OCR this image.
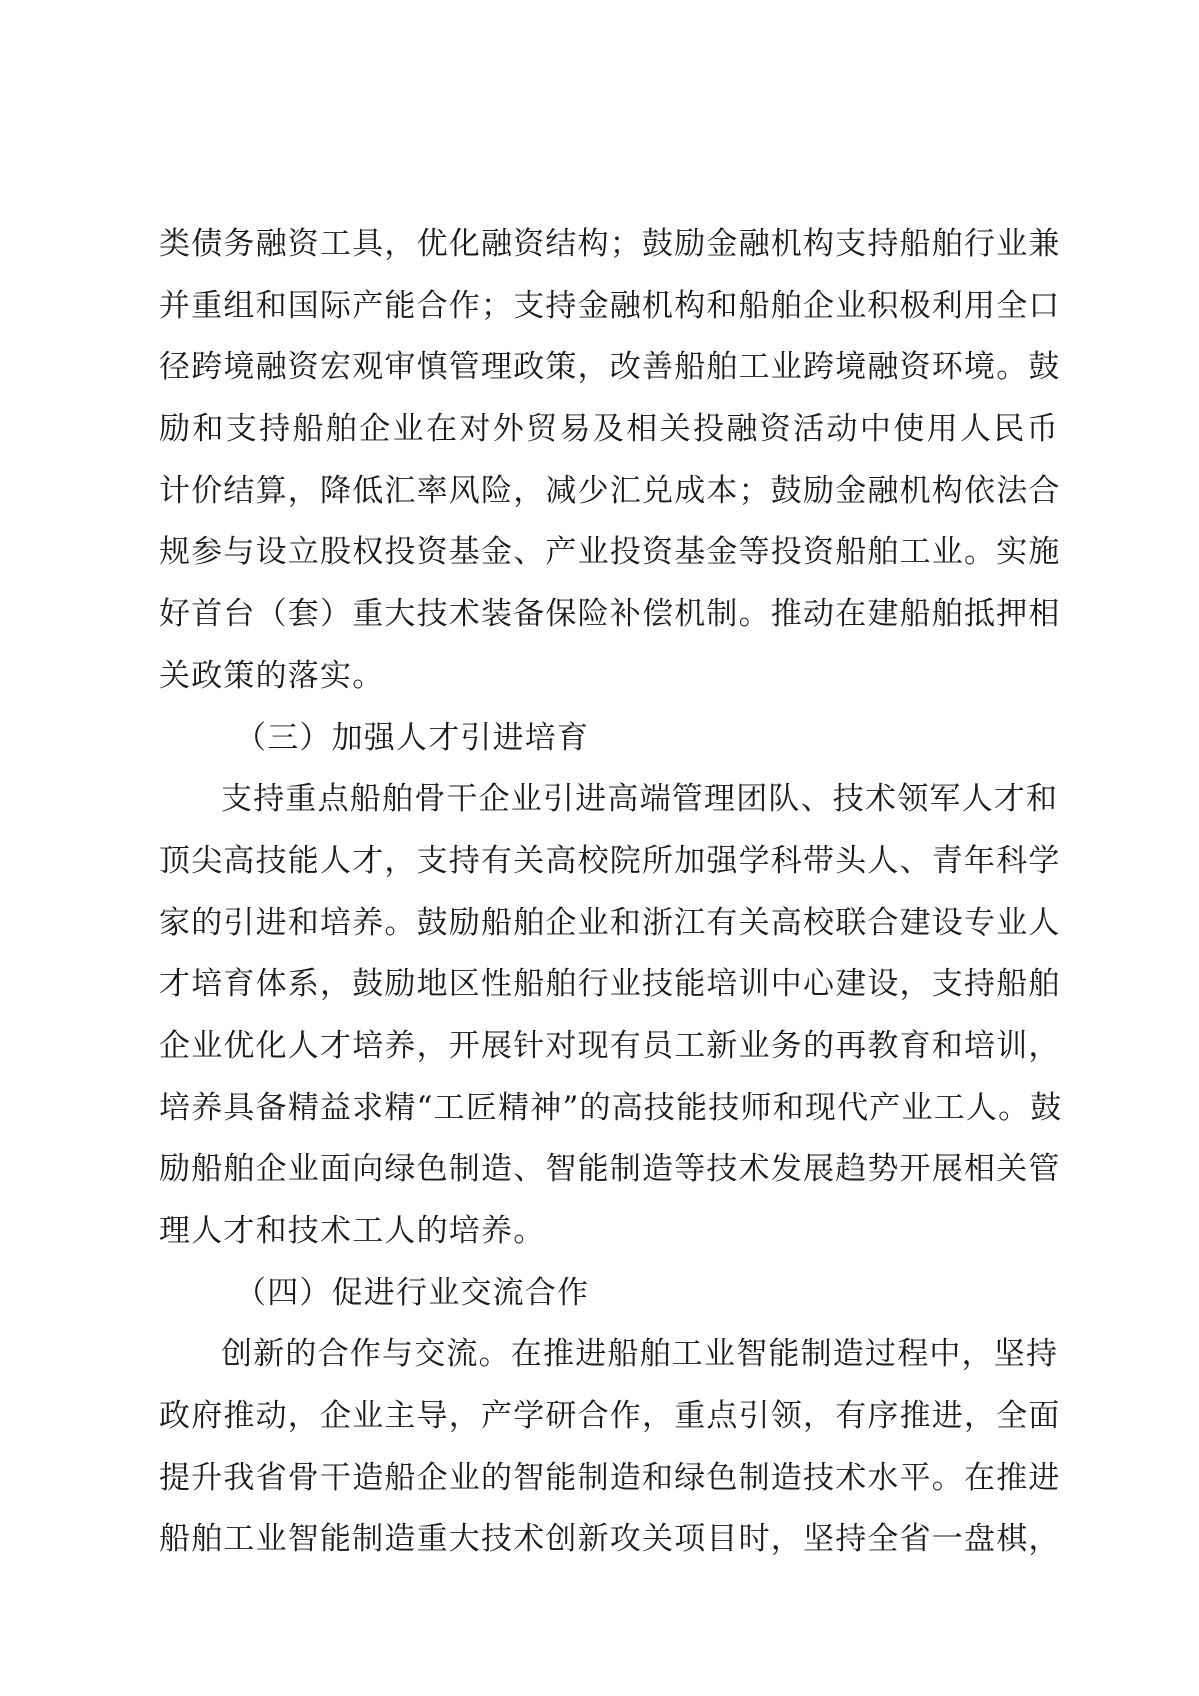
类债务融资工具，优化融资结构；鼓励金融机构支持船舶行业兼
并重组和国际产能合作；支持金融机构和船舶企业积极利用全口
径跨境融资宏观审慎管理政策，改善船舶工业跨境融资环境。鼓
励和支持船舶企业在对外贸易及相关投融资活动中使用人民币
计价结算，降低汇率风险，减少汇兑成本；鼓励金融机构依法合
规参与设立股权投资基金、产业投资基金等投资船舶工业。实施
好首台（套）重大技术装备保险补偿机制。推动在建船舶抵押相
关政策的落实。
（三）加强人才引进培育
支持重点船舶骨干企业引进高端管理团队、技术领军人才和
顶尖高技能人才，支持有关高校院所加强学科带头人、青年科学
家的引进和培养。鼓励船舶企业和浙江有关高校联合建设专业人
才培育体系，鼓励地区性船舶行业技能培训中心建设，支持船舶
企业优化人才培养，开展针对现有员工新业务的再教育和培训，
培养具备精益求精“工匠精神”的高技能技师和现代产业工人。鼓
励船舶企业面向绿色制造、智能制造等技术发展趋势开展相关管
理人才和技术工人的培养。
（四）促进行业交流合作
创新的合作与交流。在推进船舶工业智能制造过程中，坚持
政府推动，企业主导，产学研合作，重点引领，有序推进，全面
提升我省骨干造船企业的智能制造和绿色制造技术水平。在推进
船舶工业智能制造重大技术创新攻关项目时，坚持全省一盘棋，
